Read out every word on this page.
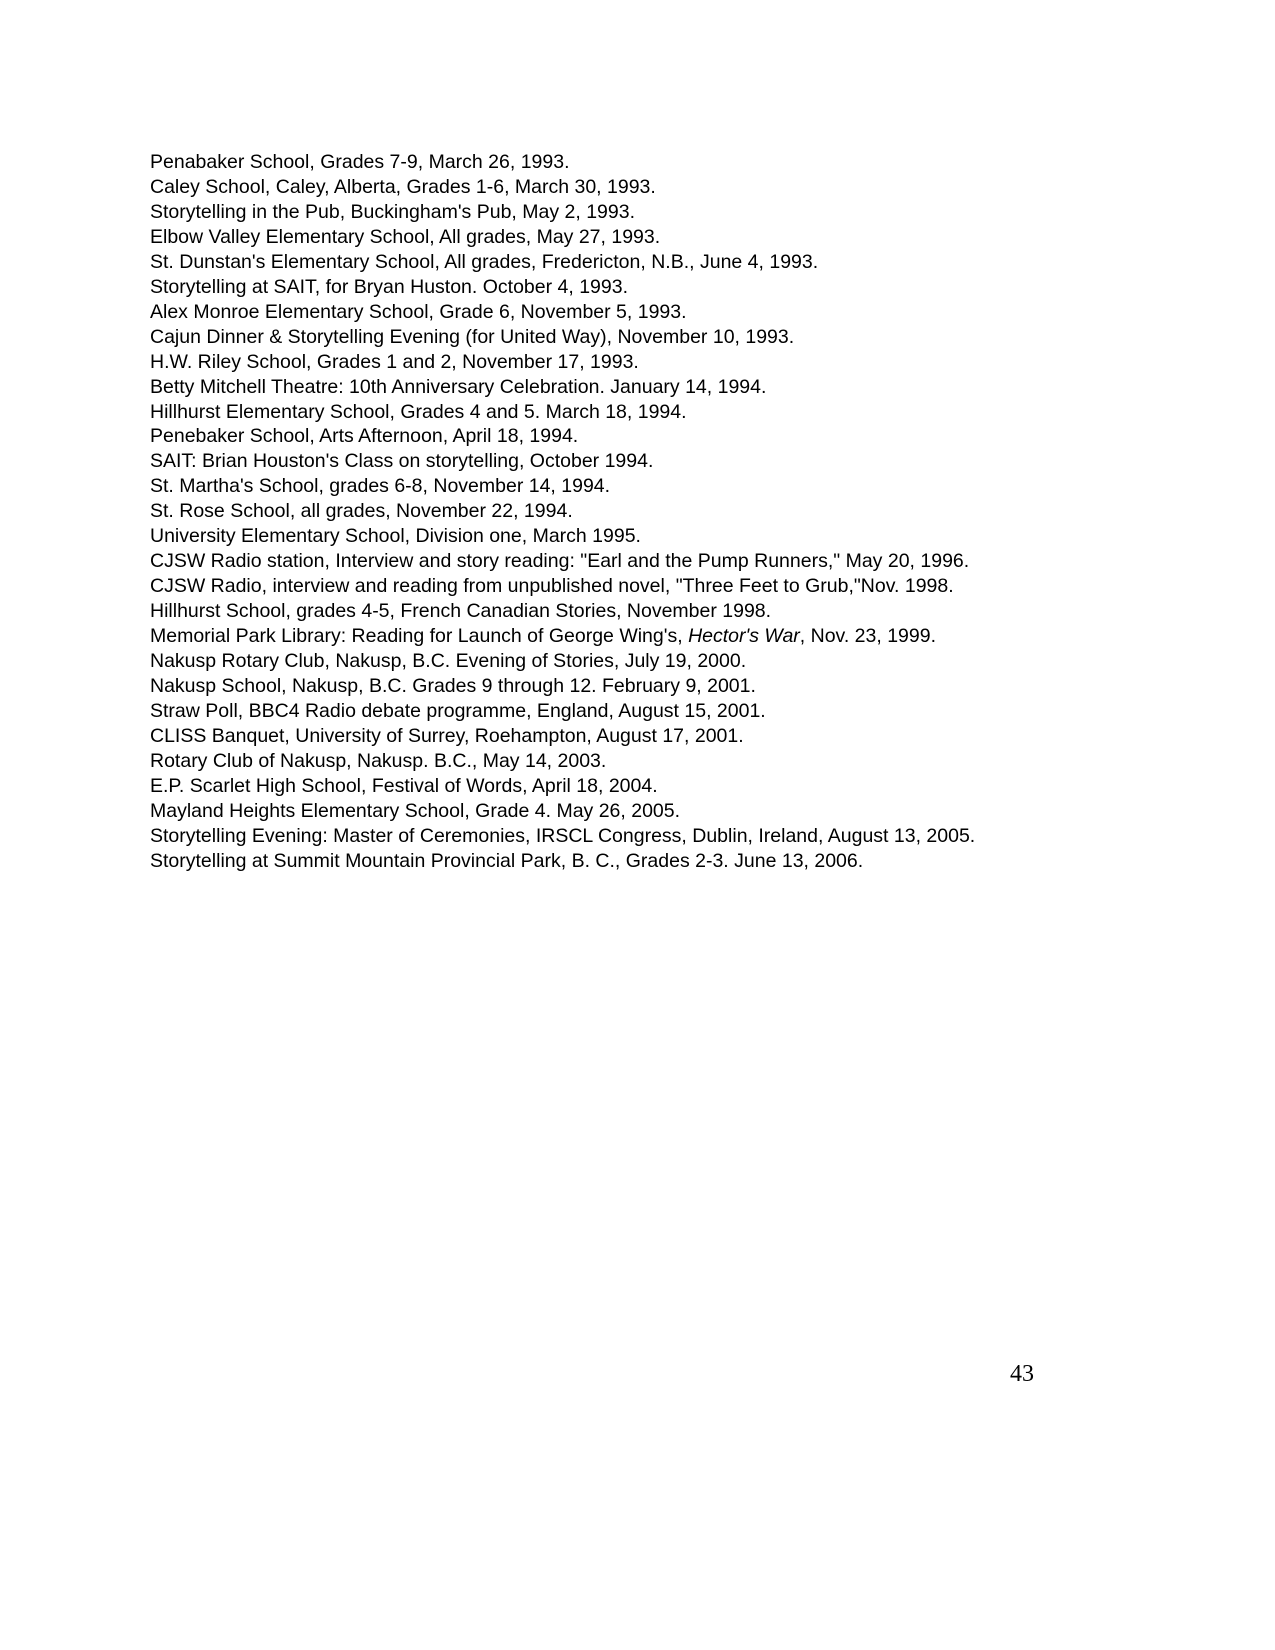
Penabaker School, Grades 7-9, March 26, 1993.
Caley School, Caley, Alberta, Grades 1-6, March 30, 1993.
Storytelling in the Pub, Buckingham's Pub, May 2, 1993.
Elbow Valley Elementary School, All grades, May 27, 1993.
St. Dunstan's Elementary School, All grades, Fredericton, N.B., June 4, 1993.
Storytelling at SAIT, for Bryan Huston. October 4, 1993.
Alex Monroe Elementary School, Grade 6, November 5, 1993.
Cajun Dinner & Storytelling Evening (for United Way), November 10, 1993.
H.W. Riley School, Grades 1 and 2, November 17, 1993.
Betty Mitchell Theatre: 10th Anniversary Celebration. January 14, 1994.
Hillhurst Elementary School, Grades 4 and 5. March 18, 1994.
Penebaker School, Arts Afternoon, April 18, 1994.
SAIT: Brian Houston's Class on storytelling, October 1994.
St. Martha's School, grades 6-8, November 14, 1994.
St. Rose School, all grades, November 22, 1994.
University Elementary School, Division one, March 1995.
CJSW Radio station, Interview and story reading: "Earl and the Pump Runners," May 20, 1996.
CJSW Radio, interview and reading from unpublished novel, "Three Feet to Grub,"Nov. 1998.
Hillhurst School, grades 4-5, French Canadian Stories, November 1998.
Memorial Park Library: Reading for Launch of George Wing's, Hector's War, Nov. 23, 1999.
Nakusp Rotary Club, Nakusp, B.C. Evening of Stories, July 19, 2000.
Nakusp School, Nakusp, B.C. Grades 9 through 12. February 9, 2001.
Straw Poll, BBC4 Radio debate programme, England, August 15, 2001.
CLISS Banquet, University of Surrey, Roehampton, August 17, 2001.
Rotary Club of Nakusp, Nakusp. B.C., May 14, 2003.
E.P. Scarlet High School, Festival of Words, April 18, 2004.
Mayland Heights Elementary School, Grade 4. May 26, 2005.
Storytelling Evening: Master of Ceremonies, IRSCL Congress, Dublin, Ireland, August 13, 2005.
Storytelling at Summit Mountain Provincial Park, B. C., Grades 2-3. June 13, 2006.
43
